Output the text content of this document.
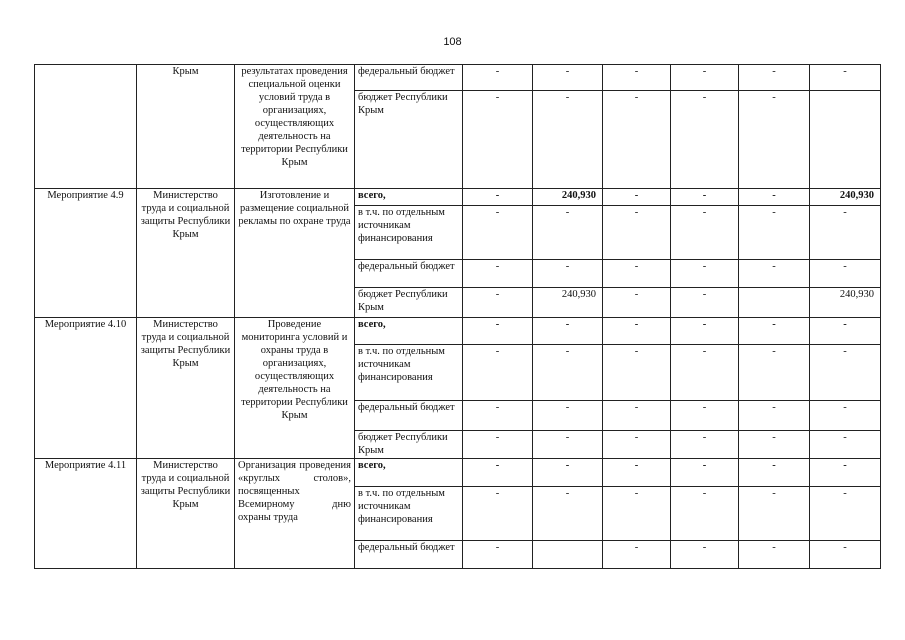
108
	Крым	результатах проведения специальной оценки условий труда в организациях, осуществляющих деятельность на территории Республики Крым	федеральный бюджет	-	-	-	-	-	-
			бюджет Республики Крым	-	-	-	-	-	
Мероприятие 4.9	Министерство труда и социальной защиты Республики Крым	Изготовление и размещение социальной рекламы по охране труда	всего,	-	240,930	-	-	-	240,930
			в т.ч. по отдельным источникам финансирования	-	-	-	-	-	-
			федеральный бюджет	-	-	-	-	-	-
			бюджет Республики Крым	-	240,930	-	-		240,930
Мероприятие 4.10	Министерство труда и социальной защиты Республики Крым	Проведение мониторинга условий и охраны труда в организациях, осуществляющих деятельность на территории Республики Крым	всего,	-	-	-	-	-	-
			в т.ч. по отдельным источникам финансирования	-	-	-	-	-	-
			федеральный бюджет	-	-	-	-	-	-
			бюджет Республики Крым	-	-	-	-	-	-
Мероприятие 4.11	Министерство труда и социальной защиты Республики Крым	Организация проведения «круглых столов», посвященных Всемирному дню охраны труда	всего,	-	-	-	-	-	-
			в т.ч. по отдельным источникам финансирования	-	-	-	-	-	-
			федеральный бюджет	-		-	-	-	-
